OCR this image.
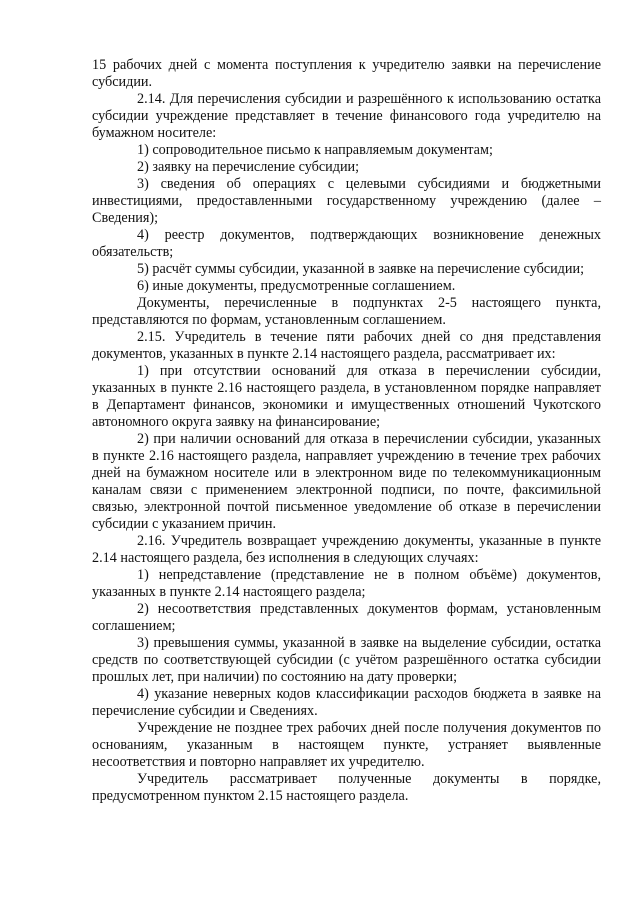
15 рабочих дней с момента поступления к учредителю заявки на перечисление субсидии.

2.14. Для перечисления субсидии и разрешённого к использованию остатка субсидии учреждение представляет в течение финансового года учредителю на бумажном носителе:

1) сопроводительное письмо к направляемым документам;

2) заявку на перечисление субсидии;

3) сведения об операциях с целевыми субсидиями и бюджетными инвестициями, предоставленными государственному учреждению (далее – Сведения);

4) реестр документов, подтверждающих возникновение денежных обязательств;

5) расчёт суммы субсидии, указанной в заявке на перечисление субсидии;

6) иные документы, предусмотренные соглашением.

Документы, перечисленные в подпунктах 2-5 настоящего пункта, представляются по формам, установленным соглашением.

2.15. Учредитель в течение пяти рабочих дней со дня представления документов, указанных в пункте 2.14 настоящего раздела, рассматривает их:

1) при отсутствии оснований для отказа в перечислении субсидии, указанных в пункте 2.16 настоящего раздела, в установленном порядке направляет в Департамент финансов, экономики и имущественных отношений Чукотского автономного округа заявку на финансирование;

2) при наличии оснований для отказа в перечислении субсидии, указанных в пункте 2.16 настоящего раздела, направляет учреждению в течение трех рабочих дней на бумажном носителе или в электронном виде по телекоммуникационным каналам связи с применением электронной подписи, по почте, факсимильной связью, электронной почтой письменное уведомление об отказе в перечислении субсидии с указанием причин.

2.16. Учредитель возвращает учреждению документы, указанные в пункте 2.14 настоящего раздела, без исполнения в следующих случаях:

1) непредставление (представление не в полном объёме) документов, указанных в пункте 2.14 настоящего раздела;

2) несоответствия представленных документов формам, установленным соглашением;

3) превышения суммы, указанной в заявке на выделение субсидии, остатка средств по соответствующей субсидии (с учётом разрешённого остатка субсидии прошлых лет, при наличии) по состоянию на дату проверки;

4) указание неверных кодов классификации расходов бюджета в заявке на перечисление субсидии и Сведениях.

Учреждение не позднее трех рабочих дней после получения документов по основаниям, указанным в настоящем пункте, устраняет выявленные несоответствия и повторно направляет их учредителю.

Учредитель рассматривает полученные документы в порядке, предусмотренном пунктом 2.15 настоящего раздела.
